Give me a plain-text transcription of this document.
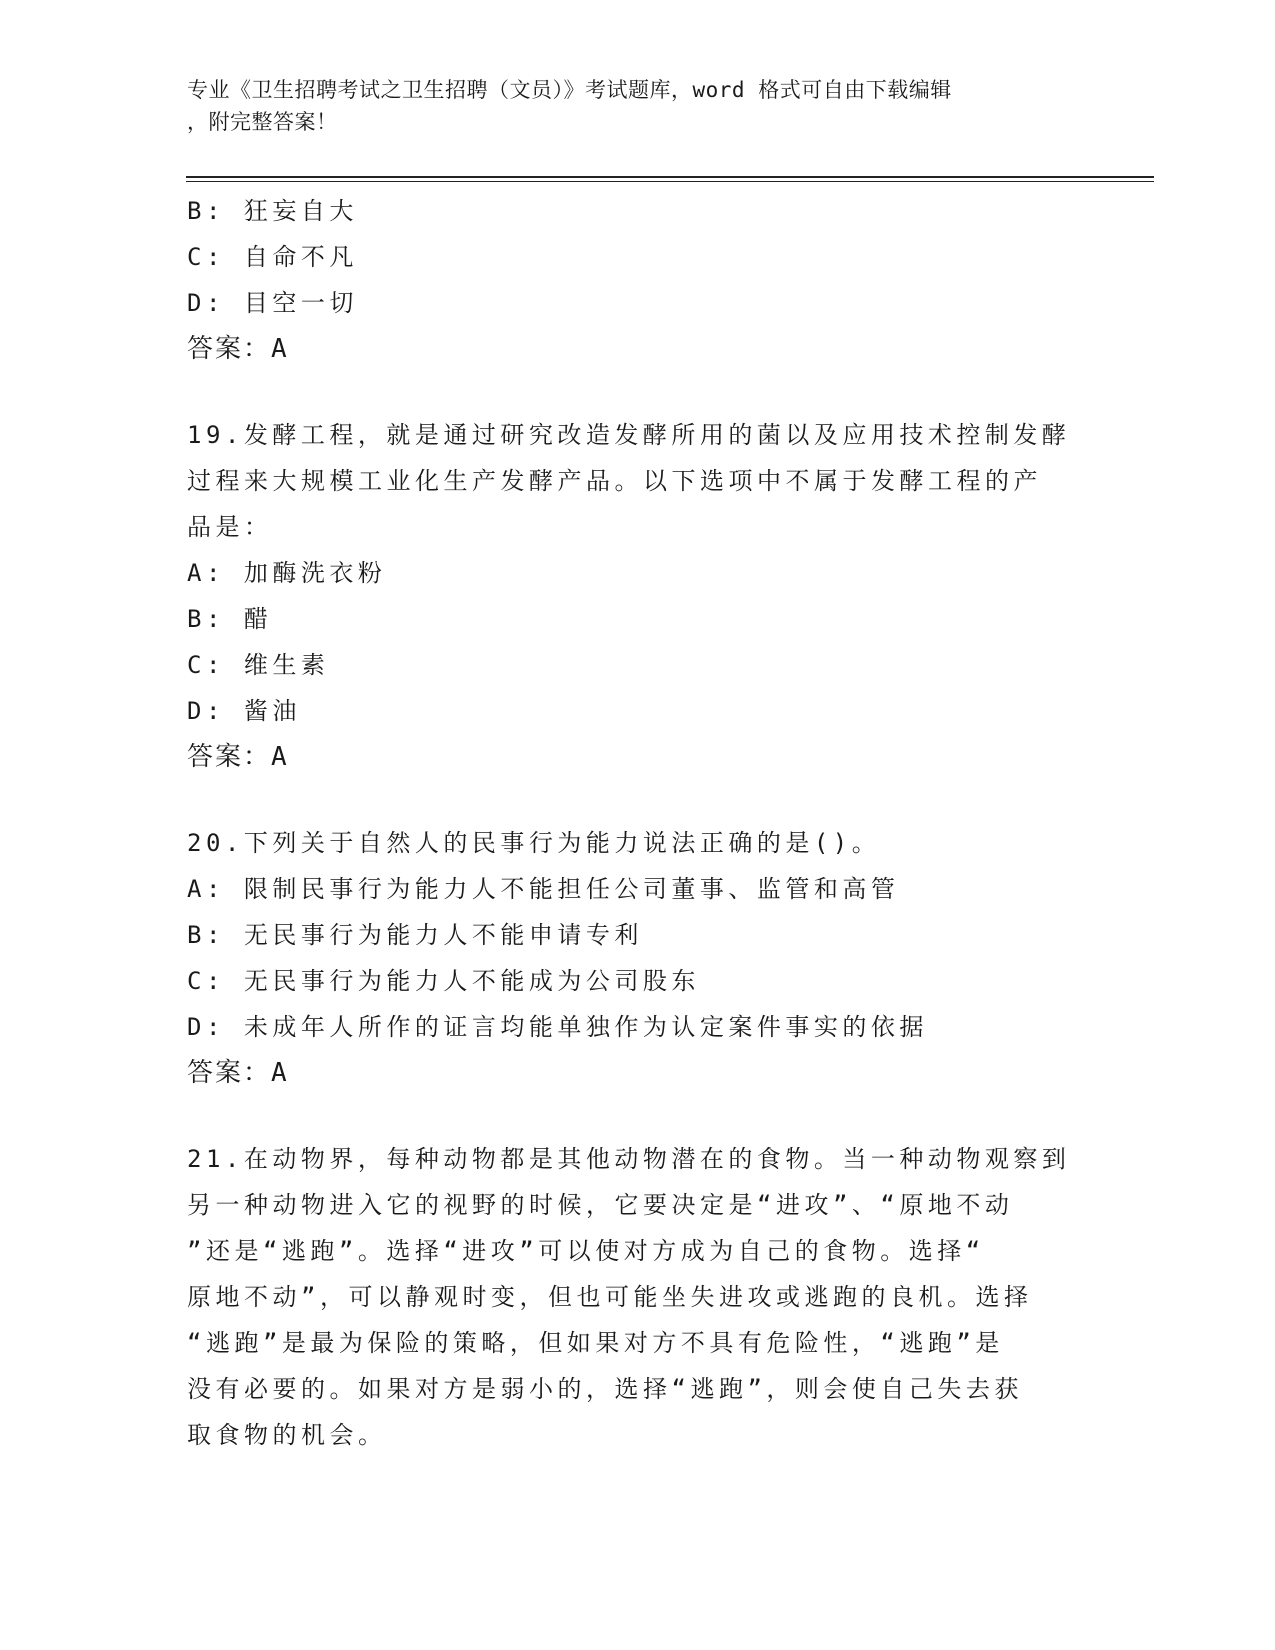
专业《卫生招聘考试之卫生招聘（文员）》考试题库，word 格式可自由下载编辑
，附完整答案！
B: 狂妄自大
C: 自命不凡
D: 目空一切
答案：A
19.发酵工程，就是通过研究改造发酵所用的菌以及应用技术控制发酵
过程来大规模工业化生产发酵产品。以下选项中不属于发酵工程的产
品是：
A: 加酶洗衣粉
B: 醋
C: 维生素
D: 酱油
答案：A
20.下列关于自然人的民事行为能力说法正确的是()。
A: 限制民事行为能力人不能担任公司董事、监管和高管
B: 无民事行为能力人不能申请专利
C: 无民事行为能力人不能成为公司股东
D: 未成年人所作的证言均能单独作为认定案件事实的依据
答案：A
21.在动物界，每种动物都是其他动物潜在的食物。当一种动物观察到
另一种动物进入它的视野的时候，它要决定是“进攻”、“原地不动
”还是“逃跑”。选择“进攻”可以使对方成为自己的食物。选择“
原地不动”，可以静观时变，但也可能坐失进攻或逃跑的良机。选择
“逃跑”是最为保险的策略，但如果对方不具有危险性，“逃跑”是
没有必要的。如果对方是弱小的，选择“逃跑”，则会使自己失去获
取食物的机会。
